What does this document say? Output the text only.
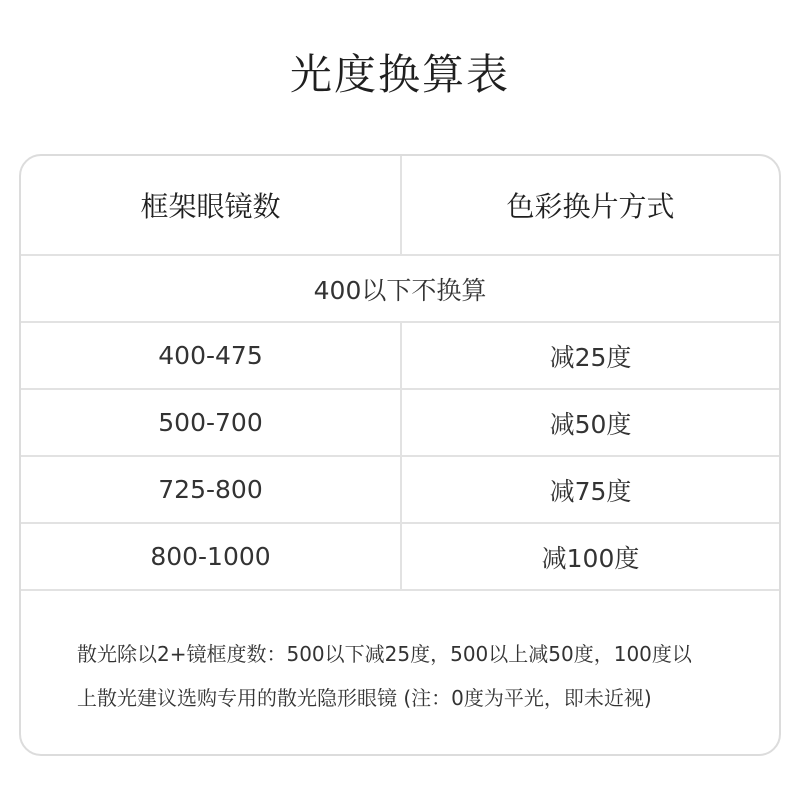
光度换算表
框架眼镜数	色彩换片方式
400以下不换算
400-475	减25度
500-700	减50度
725-800	减75度
800-1000	减100度
散光除以2+镜框度数：500以下减25度，500以上减50度，100度以
上散光建议选购专用的散光隐形眼镜 (注：0度为平光，即未近视)
